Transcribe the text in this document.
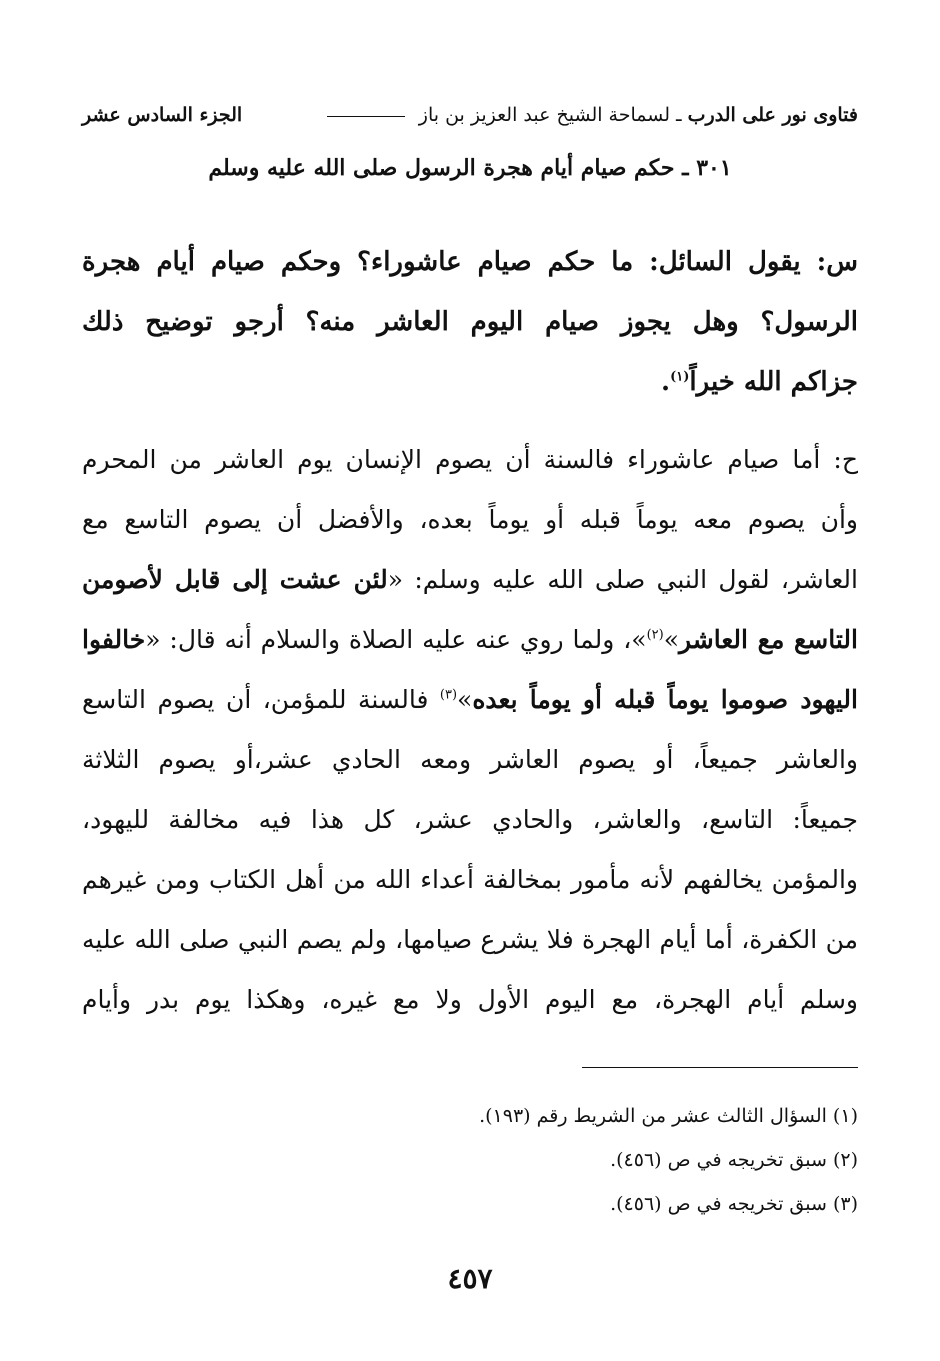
فتاوى نور على الدرب ـ لسماحة الشيخ عبد العزيز بن باز
الجزء السادس عشر
٣٠١ ـ حكم صيام أيام هجرة الرسول صلى الله عليه وسلم
س: يقول السائل: ما حكم صيام عاشوراء؟ وحكم صيام أيام هجرة
الرسول؟ وهل يجوز صيام اليوم العاشر منه؟ أرجو توضيح ذلك
جزاكم الله خيراً$^{(١)}$.
ح: أما صيام عاشوراء فالسنة أن يصوم الإنسان يوم العاشر من المحرم
وأن يصوم معه يوماً قبله أو يوماً بعده، والأفضل أن يصوم التاسع مع
العاشر، لقول النبي صلى الله عليه وسلم: «لئن عشت إلى قابل لأصومن
التاسع مع العاشر»$^{(٢)}$»، ولما روي عنه عليه الصلاة والسلام أنه قال: «خالفوا
اليهود صوموا يوماً قبله أو يوماً بعده»$^{(٣)}$ فالسنة للمؤمن، أن يصوم التاسع
والعاشر جميعاً، أو يصوم العاشر ومعه الحادي عشر،أو يصوم الثلاثة
جميعاً: التاسع، والعاشر، والحادي عشر، كل هذا فيه مخالفة لليهود،
والمؤمن يخالفهم لأنه مأمور بمخالفة أعداء الله من أهل الكتاب ومن غيرهم
من الكفرة، أما أيام الهجرة فلا يشرع صيامها، ولم يصم النبي صلى الله عليه
وسلم أيام الهجرة، مع اليوم الأول ولا مع غيره، وهكذا يوم بدر وأيام
(١) السؤال الثالث عشر من الشريط رقم (١٩٣).
(٢) سبق تخريجه في ص (٤٥٦).
(٣) سبق تخريجه في ص (٤٥٦).
٤٥٧
